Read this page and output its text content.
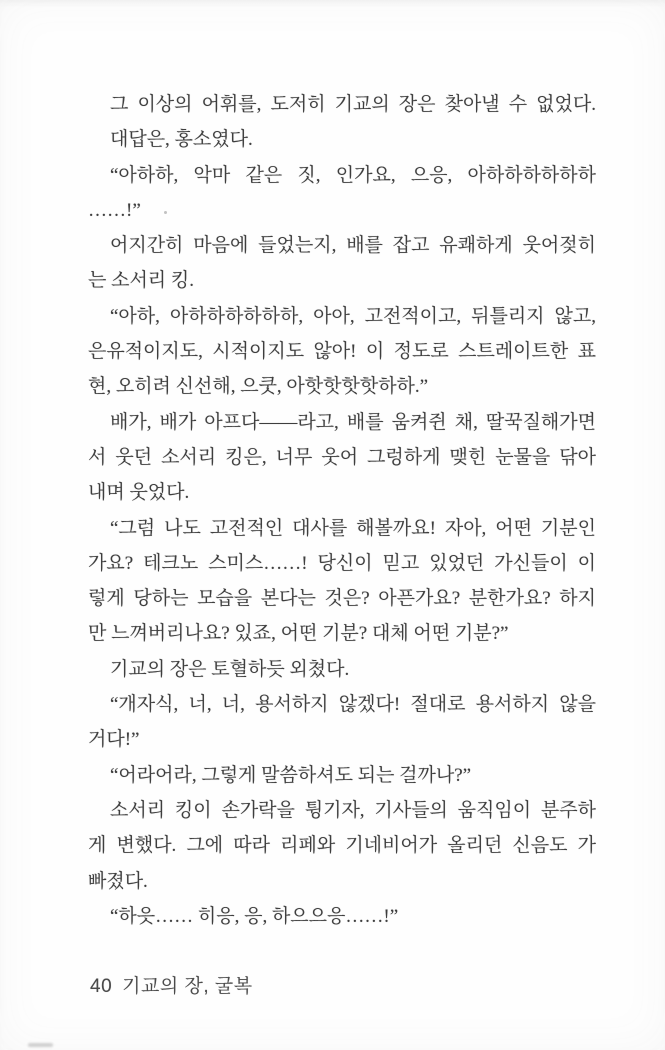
그 이상의 어휘를, 도저히 기교의 장은 찾아낼 수 없었다.
대답은, 홍소였다.
“아하하, 악마 같은 짓, 인가요, 으응, 아하하하하하하
……!”
어지간히 마음에 들었는지, 배를 잡고 유쾌하게 웃어젖히
는 소서리 킹.
“아하, 아하하하하하하, 아아, 고전적이고, 뒤틀리지 않고,
은유적이지도, 시적이지도 않아! 이 정도로 스트레이트한 표
현, 오히려 신선해, 으쿳, 아핫핫핫핫하하.”
배가, 배가 아프다――라고, 배를 움켜쥔 채, 딸꾹질해가면
서 웃던 소서리 킹은, 너무 웃어 그렁하게 맺힌 눈물을 닦아
내며 웃었다.
“그럼 나도 고전적인 대사를 해볼까요! 자아, 어떤 기분인
가요? 테크노 스미스……! 당신이 믿고 있었던 가신들이 이
렇게 당하는 모습을 본다는 것은? 아픈가요? 분한가요? 하지
만 느껴버리나요? 있죠, 어떤 기분? 대체 어떤 기분?”
기교의 장은 토혈하듯 외쳤다.
“개자식, 너, 너, 용서하지 않겠다! 절대로 용서하지 않을
거다!”
“어라어라, 그렇게 말씀하셔도 되는 걸까나?”
소서리 킹이 손가락을 튕기자, 기사들의 움직임이 분주하
게 변했다. 그에 따라 리페와 기네비어가 올리던 신음도 가
빠졌다.
“하읏…… 히응, 응, 하으으응……!”
40 기교의 장, 굴복
